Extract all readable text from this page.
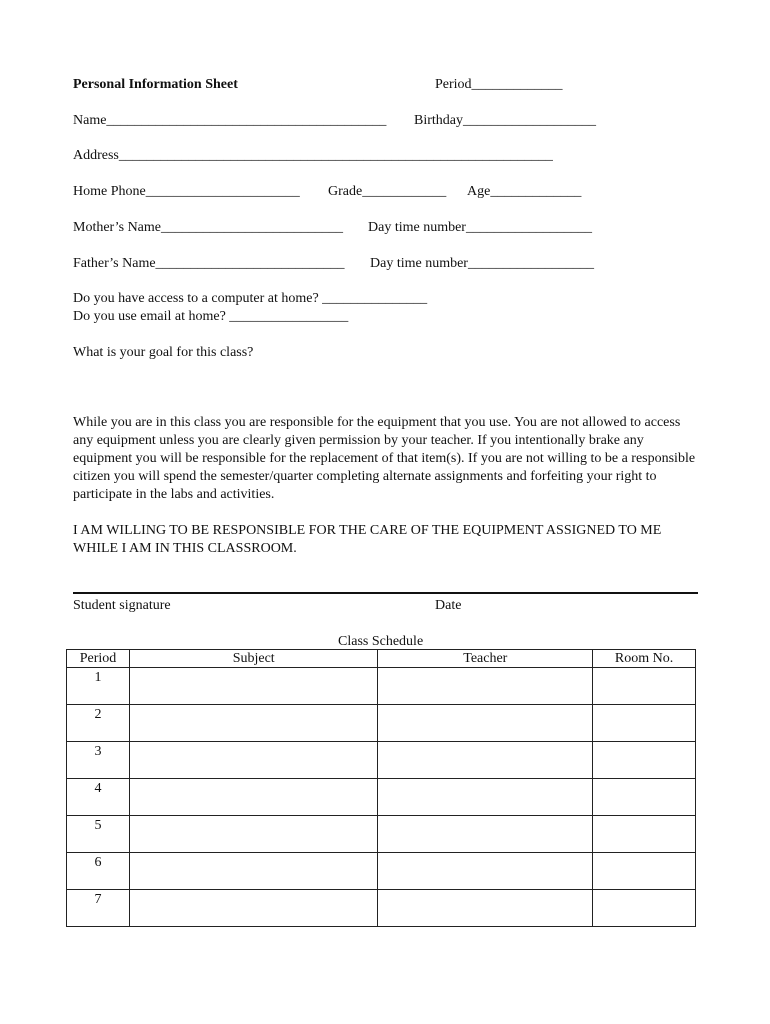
Personal Information Sheet	Period_____________
Name________________________________________ Birthday___________________
Address______________________________________________________________
Home Phone______________________ Grade____________ Age_____________
Mother’s Name__________________________ Day time number__________________
Father’s Name___________________________ Day time number__________________
Do you have access to a computer at home? _______________
Do you use email at home? _________________
What is your goal for this class?
While you are in this class you are responsible for the equipment that you use. You are not allowed to access any equipment unless you are clearly given permission by your teacher. If you intentionally brake any equipment you will be responsible for the replacement of that item(s). If you are not willing to be a responsible citizen you will spend the semester/quarter completing alternate assignments and forfeiting your right to participate in the labs and activities.
I AM WILLING TO BE RESPONSIBLE FOR THE CARE OF THE EQUIPMENT ASSIGNED TO ME WHILE I AM IN THIS CLASSROOM.
Student signature	Date
Class Schedule
Period	Subject	Teacher	Room No.
1			
2			
3			
4			
5			
6			
7			
